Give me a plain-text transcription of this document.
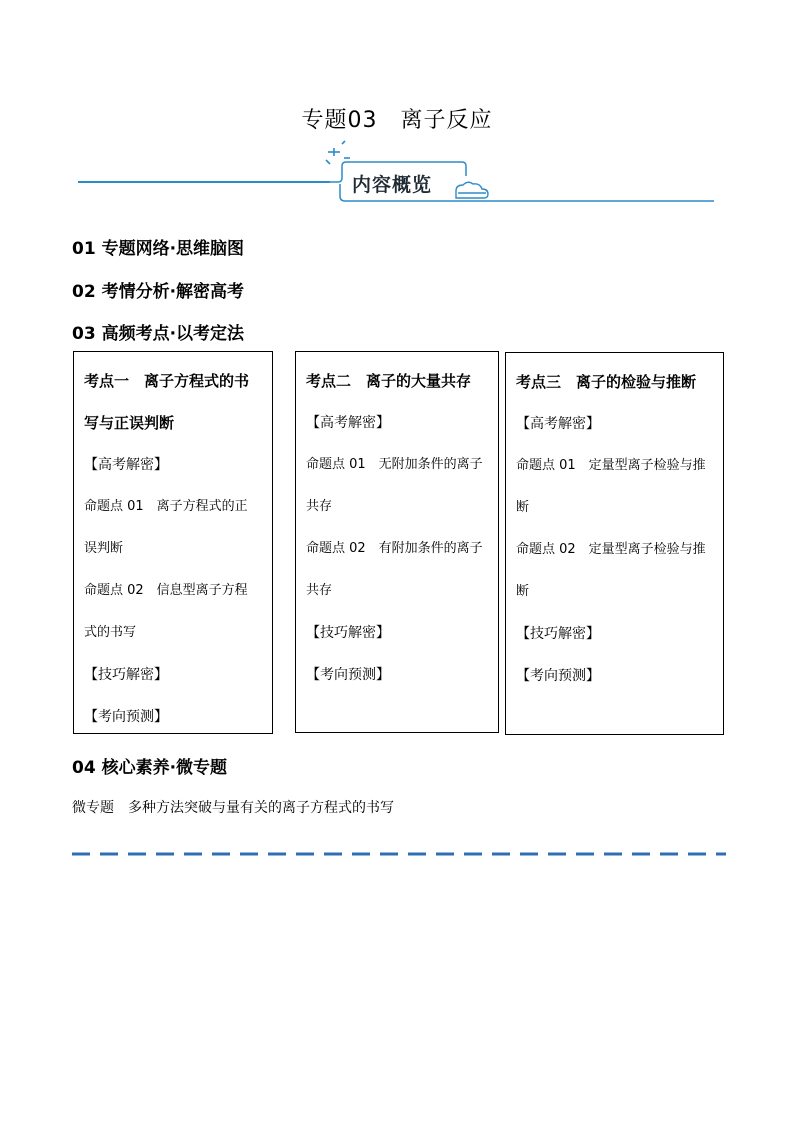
专题03　离子反应
内容概览
01 专题网络·思维脑图
02 考情分析·解密高考
03 高频考点·以考定法
考点一　离子方程式的书
写与正误判断
【高考解密】
命题点 01　离子方程式的正
误判断
命题点 02　信息型离子方程
式的书写
【技巧解密】
【考向预测】
考点二　离子的大量共存
【高考解密】
命题点 01　无附加条件的离子
共存
命题点 02　有附加条件的离子
共存
【技巧解密】
【考向预测】
考点三　离子的检验与推断
【高考解密】
命题点 01　定量型离子检验与推
断
命题点 02　定量型离子检验与推
断
【技巧解密】
【考向预测】
04 核心素养·微专题
微专题　多种方法突破与量有关的离子方程式的书写
